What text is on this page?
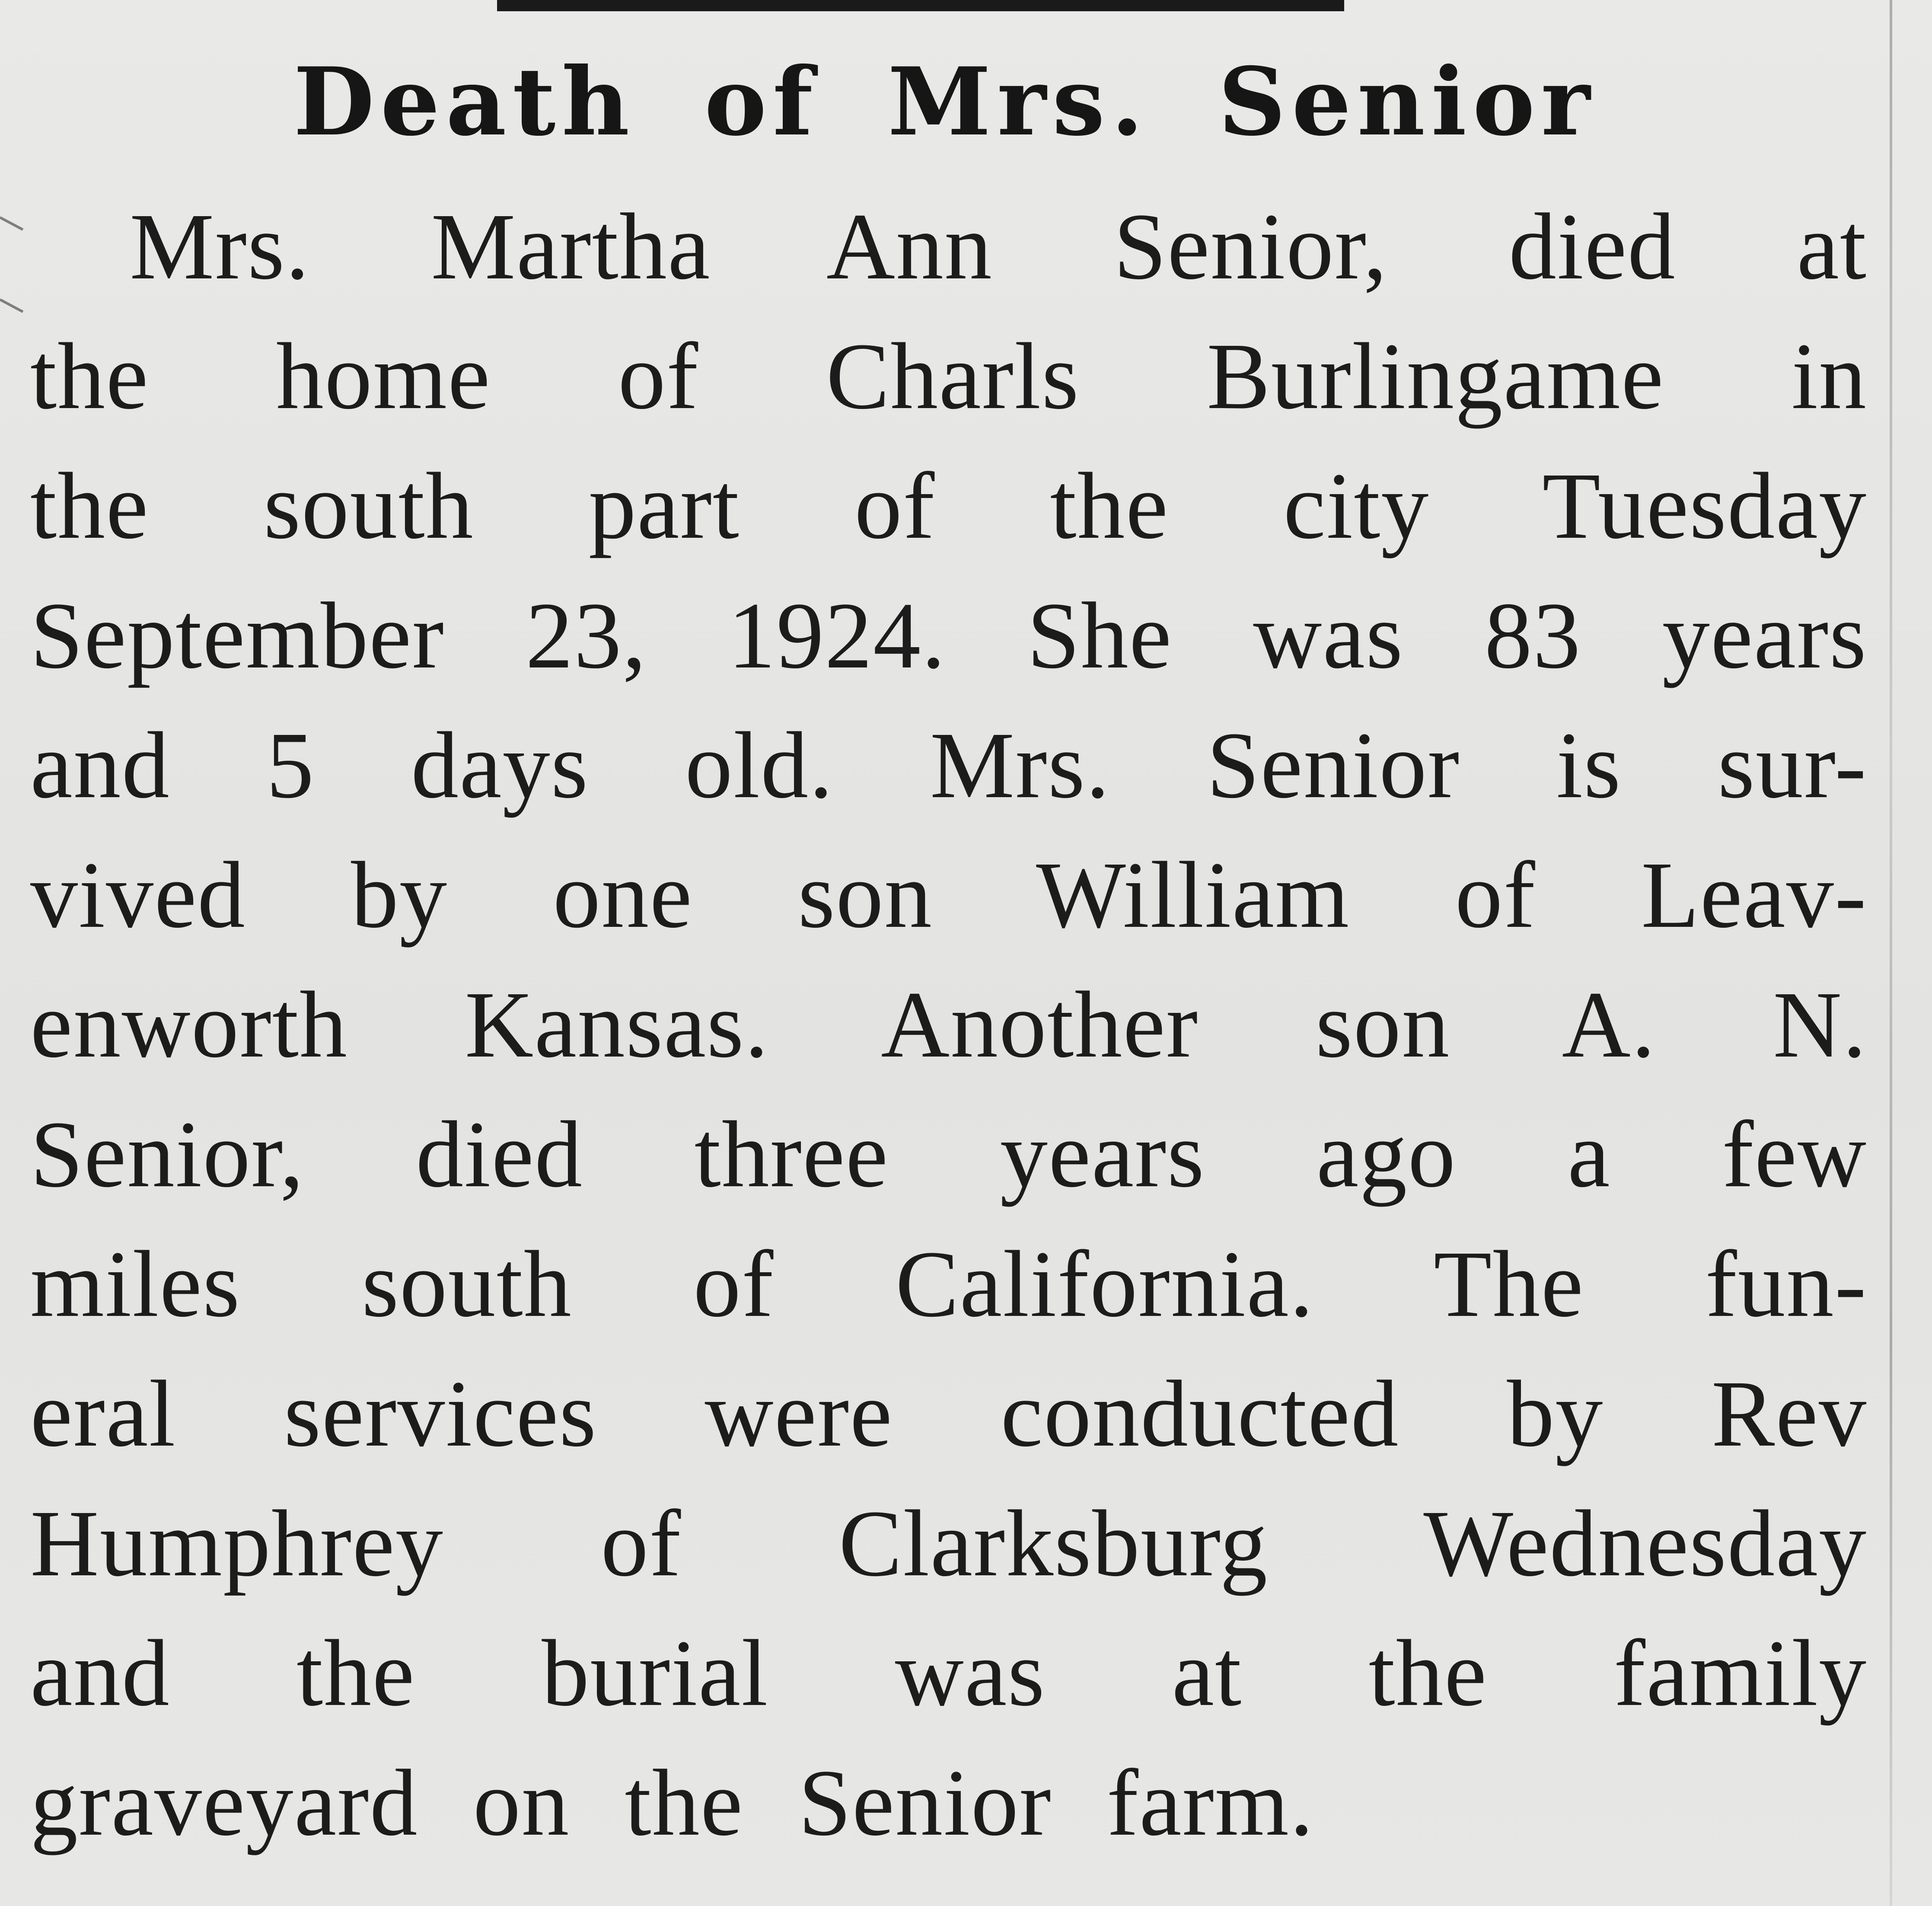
Death of Mrs. Senior
Mrs. Martha Ann Senior, died at
the home of Charls Burlingame in
the south part of the city Tuesday
September 23, 1924. She was 83 years
and 5 days old. Mrs. Senior is sur-
vived by one son William of Leav-
enworth Kansas. Another son A. N.
Senior, died three years ago a few
miles south of California. The fun-
eral services were conducted by Rev
Humphrey of Clarksburg Wednesday
and the burial was at the family
graveyard on the Senior farm.
